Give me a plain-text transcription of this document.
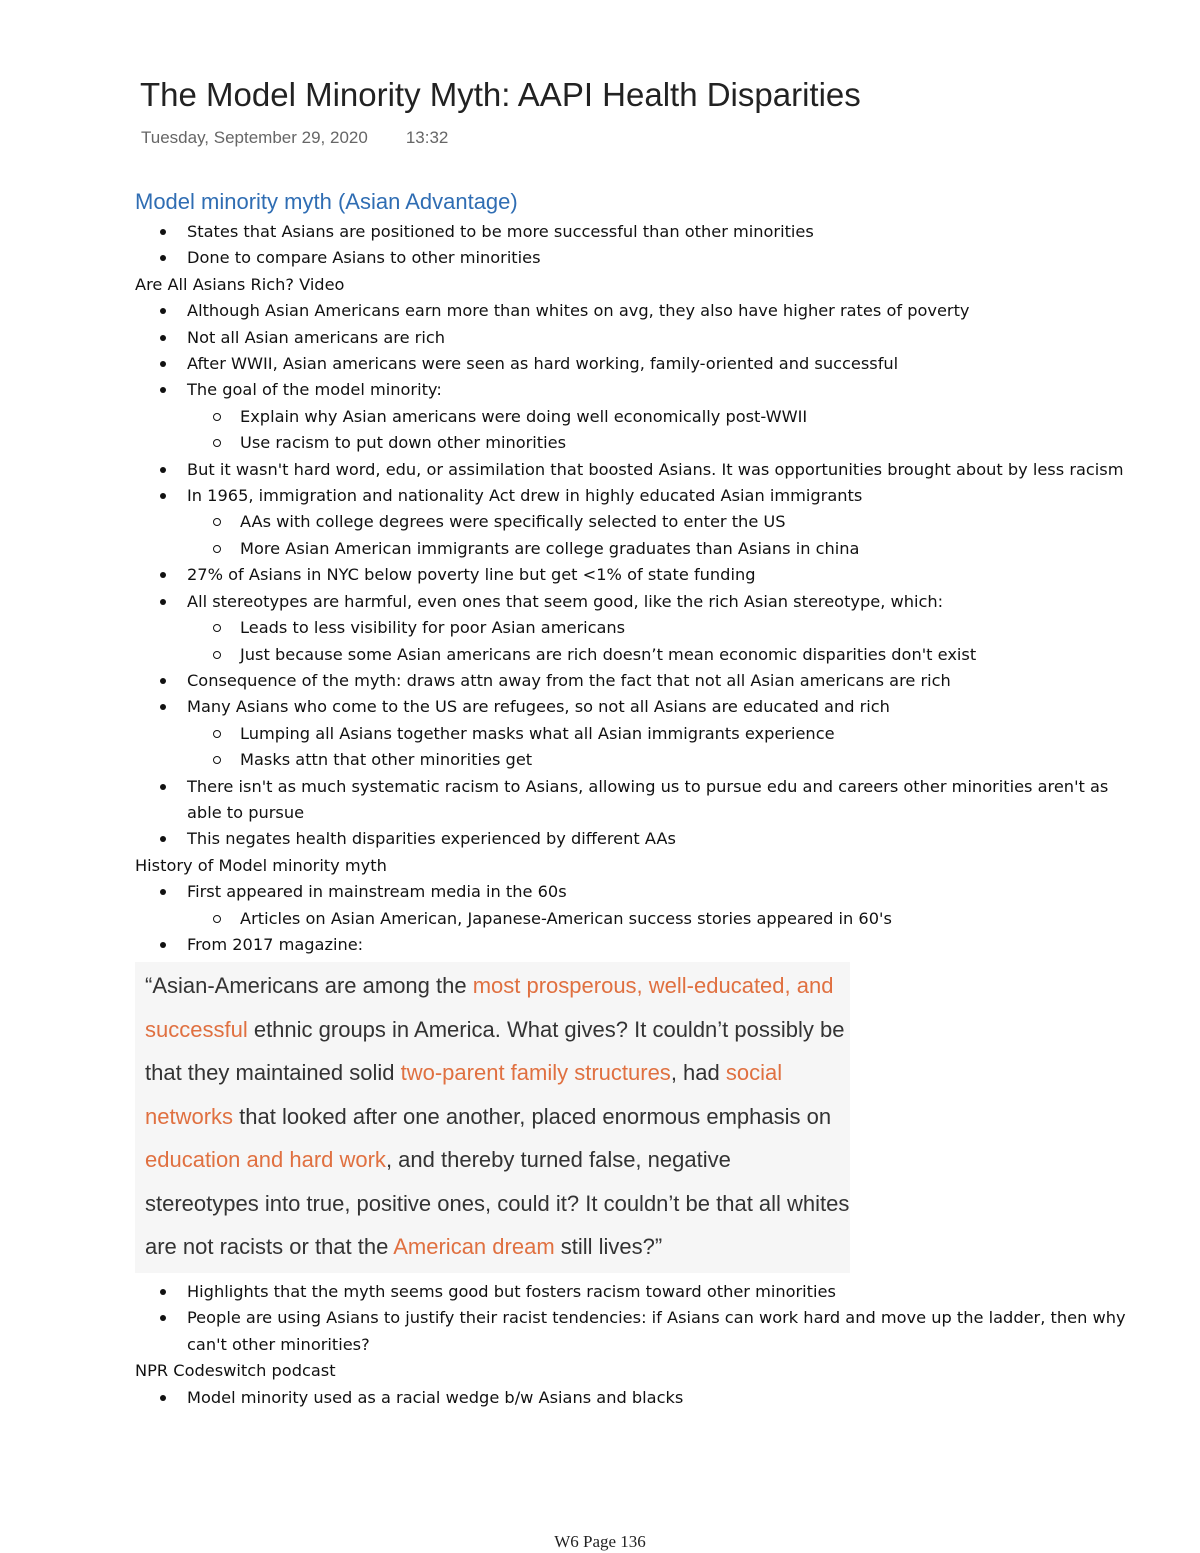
The Model Minority Myth: AAPI Health Disparities
Tuesday, September 29, 2020 13:32
Model minority myth (Asian Advantage)
States that Asians are positioned to be more successful than other minorities
Done to compare Asians to other minorities
Are All Asians Rich? Video
Although Asian Americans earn more than whites on avg, they also have higher rates of poverty
Not all Asian americans are rich
After WWII, Asian americans were seen as hard working, family-oriented and successful
The goal of the model minority:
Explain why Asian americans were doing well economically post-WWII
Use racism to put down other minorities
But it wasn't hard word, edu, or assimilation that boosted Asians. It was opportunities brought about by less racism
In 1965, immigration and nationality Act drew in highly educated Asian immigrants
AAs with college degrees were specifically selected to enter the US
More Asian American immigrants are college graduates than Asians in china
27% of Asians in NYC below poverty line but get <1% of state funding
All stereotypes are harmful, even ones that seem good, like the rich Asian stereotype, which:
Leads to less visibility for poor Asian americans
Just because some Asian americans are rich doesn’t mean economic disparities don't exist
Consequence of the myth: draws attn away from the fact that not all Asian americans are rich
Many Asians who come to the US are refugees, so not all Asians are educated and rich
Lumping all Asians together masks what all Asian immigrants experience
Masks attn that other minorities get
There isn't as much systematic racism to Asians, allowing us to pursue edu and careers other minorities aren't as able to pursue
This negates health disparities experienced by different AAs
History of Model minority myth
First appeared in mainstream media in the 60s
Articles on Asian American, Japanese-American success stories appeared in 60's
From 2017 magazine:
“Asian-Americans are among the most prosperous, well-educated, and successful ethnic groups in America. What gives? It couldn’t possibly be that they maintained solid two-parent family structures, had social networks that looked after one another, placed enormous emphasis on education and hard work, and thereby turned false, negative stereotypes into true, positive ones, could it? It couldn’t be that all whites are not racists or that the American dream still lives?”
Highlights that the myth seems good but fosters racism toward other minorities
People are using Asians to justify their racist tendencies: if Asians can work hard and move up the ladder, then why can't other minorities?
NPR Codeswitch podcast
Model minority used as a racial wedge b/w Asians and blacks
W6 Page 136
